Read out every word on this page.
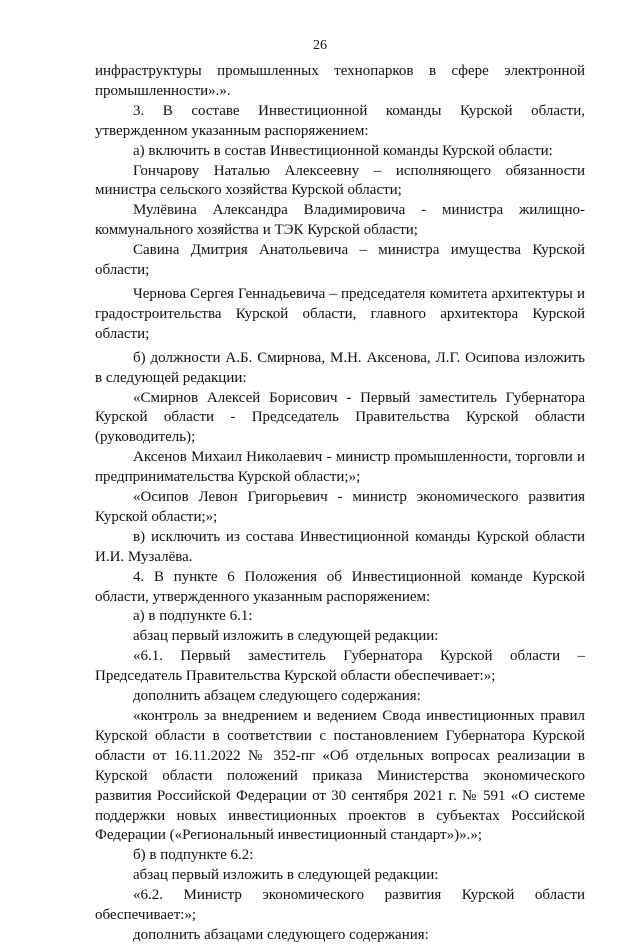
26

инфраструктуры промышленных технопарков в сфере электронной промышленности».».

3. В составе Инвестиционной команды Курской области, утвержденном указанным распоряжением:

а) включить в состав Инвестиционной команды Курской области:

Гончарову Наталью Алексеевну – исполняющего обязанности министра сельского хозяйства Курской области;

Мулёвина Александра Владимировича - министра жилищно-коммунального хозяйства и ТЭК Курской области;

Савина Дмитрия Анатольевича – министра имущества Курской области;

Чернова Сергея Геннадьевича – председателя комитета архитектуры и градостроительства Курской области, главного архитектора Курской области;

б) должности А.Б. Смирнова, М.Н. Аксенова, Л.Г. Осипова изложить в следующей редакции:

«Смирнов Алексей Борисович - Первый заместитель Губернатора Курской области - Председатель Правительства Курской области (руководитель);

Аксенов Михаил Николаевич - министр промышленности, торговли и предпринимательства Курской области;»;

«Осипов Левон Григорьевич - министр экономического развития Курской области;»;

в) исключить из состава Инвестиционной команды Курской области И.И. Музалёва.

4. В пункте 6 Положения об Инвестиционной команде Курской области, утвержденного указанным распоряжением:

а) в подпункте 6.1:

абзац первый изложить в следующей редакции:

«6.1. Первый заместитель Губернатора Курской области – Председатель Правительства Курской области обеспечивает:»;

дополнить абзацем следующего содержания:

«контроль за внедрением и ведением Свода инвестиционных правил Курской области в соответствии с постановлением Губернатора Курской области от 16.11.2022 № 352-пг «Об отдельных вопросах реализации в Курской области положений приказа Министерства экономического развития Российской Федерации от 30 сентября 2021 г. № 591 «О системе поддержки новых инвестиционных проектов в субъектах Российской Федерации («Региональный инвестиционный стандарт»)».»;

б) в подпункте 6.2:

абзац первый изложить в следующей редакции:

«6.2. Министр экономического развития Курской области обеспечивает:»;

дополнить абзацами следующего содержания:
